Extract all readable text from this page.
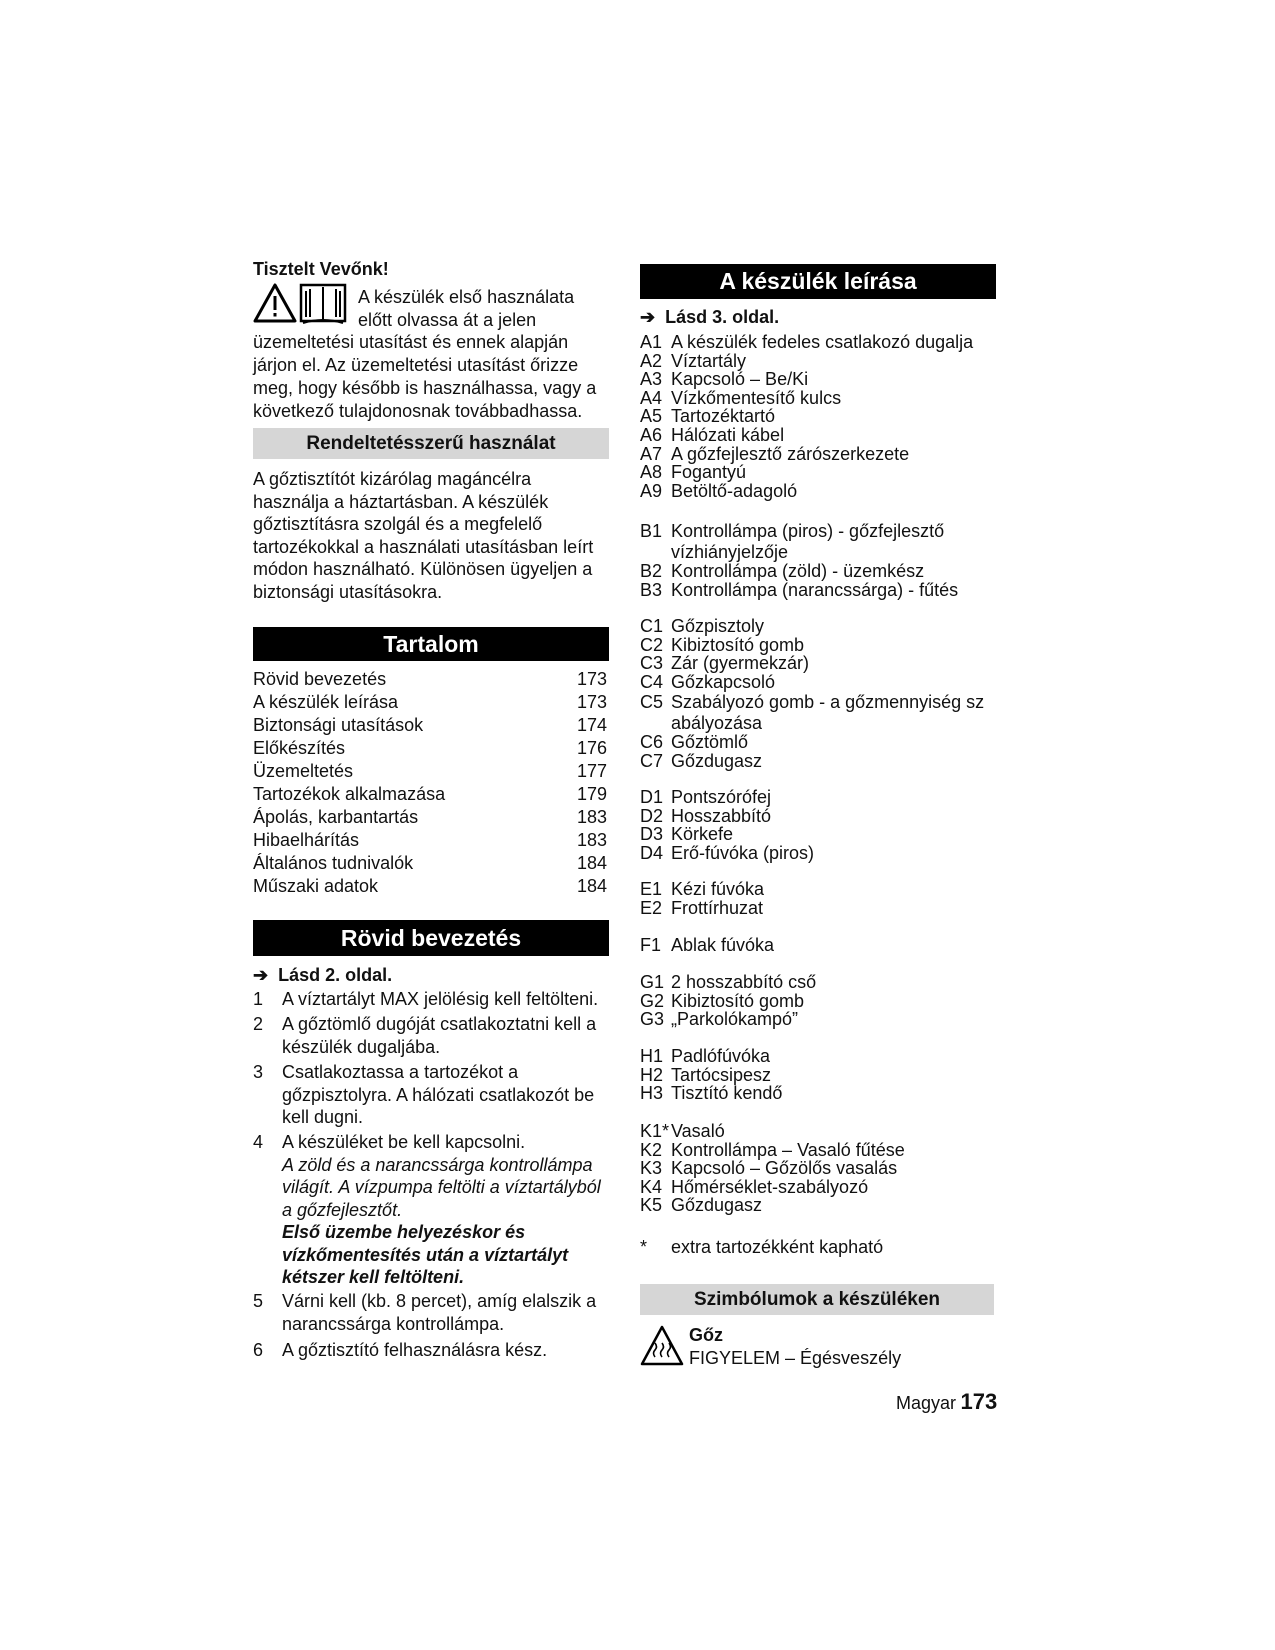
Tisztelt Vevőnk!
A készülék első használata
előtt olvassa át a jelen
üzemeltetési utasítást és ennek alapján
járjon el. Az üzemeltetési utasítást őrizze
meg, hogy később is használhassa, vagy a
következő tulajdonosnak továbbadhassa.
Rendeltetésszerű használat
A gőztisztítót kizárólag magáncélra
használja a háztartásban. A készülék
gőztisztításra szolgál és a megfelelő
tartozékokkal a használati utasításban leírt
módon használható. Különösen ügyeljen a
biztonsági utasításokra.
Tartalom
Rövid bevezetés	173
A készülék leírása	173
Biztonsági utasítások	174
Előkészítés	176
Üzemeltetés	177
Tartozékok alkalmazása	179
Ápolás, karbantartás	183
Hibaelhárítás	183
Általános tudnivalók	184
Műszaki adatok	184
Rövid bevezetés
➔ Lásd 2. oldal.
1 A víztartályt MAX jelölésig kell feltölteni.
2 A gőztömlő dugóját csatlakoztatni kell a
készülék dugaljába.
3 Csatlakoztassa a tartozékot a
gőzpisztolyra. A hálózati csatlakozót be
kell dugni.
4 A készüléket be kell kapcsolni.
A zöld és a narancssárga kontrollámpa
világít. A vízpumpa feltölti a víztartályból
a gőzfejlesztőt.
Első üzembe helyezéskor és
vízkőmentesítés után a víztartályt
kétszer kell feltölteni.
5 Várni kell (kb. 8 percet), amíg elalszik a
narancssárga kontrollámpa.
6 A gőztisztító felhasználásra kész.
A készülék leírása
➔ Lásd 3. oldal.
A1 A készülék fedeles csatlakozó dugalja
A2 Víztartály
A3 Kapcsoló – Be/Ki
A4 Vízkőmentesítő kulcs
A5 Tartozéktartó
A6 Hálózati kábel
A7 A gőzfejlesztő zárószerkezete
A8 Fogantyú
A9 Betöltő-adagoló
B1 Kontrollámpa (piros) - gőzfejlesztő
vízhiányjelzője
B2 Kontrollámpa (zöld) - üzemkész
B3 Kontrollámpa (narancssárga) - fűtés
C1 Gőzpisztoly
C2 Kibiztosító gomb
C3 Zár (gyermekzár)
C4 Gőzkapcsoló
C5 Szabályozó gomb - a gőzmennyiség sz
abályozása
C6 Gőztömlő
C7 Gőzdugasz
D1 Pontszórófej
D2 Hosszabbító
D3 Körkefe
D4 Erő-fúvóka (piros)
E1 Kézi fúvóka
E2 Frottírhuzat
F1 Ablak fúvóka
G1 2 hosszabbító cső
G2 Kibiztosító gomb
G3 „Parkolókampó”
H1 Padlófúvóka
H2 Tartócsipesz
H3 Tisztító kendő
K1* Vasaló
K2 Kontrollámpa – Vasaló fűtése
K3 Kapcsoló – Gőzölős vasalás
K4 Hőmérséklet-szabályozó
K5 Gőzdugasz
* extra tartozékként kapható
Szimbólumok a készüléken
Gőz
FIGYELEM – Égésveszély
Magyar 173
